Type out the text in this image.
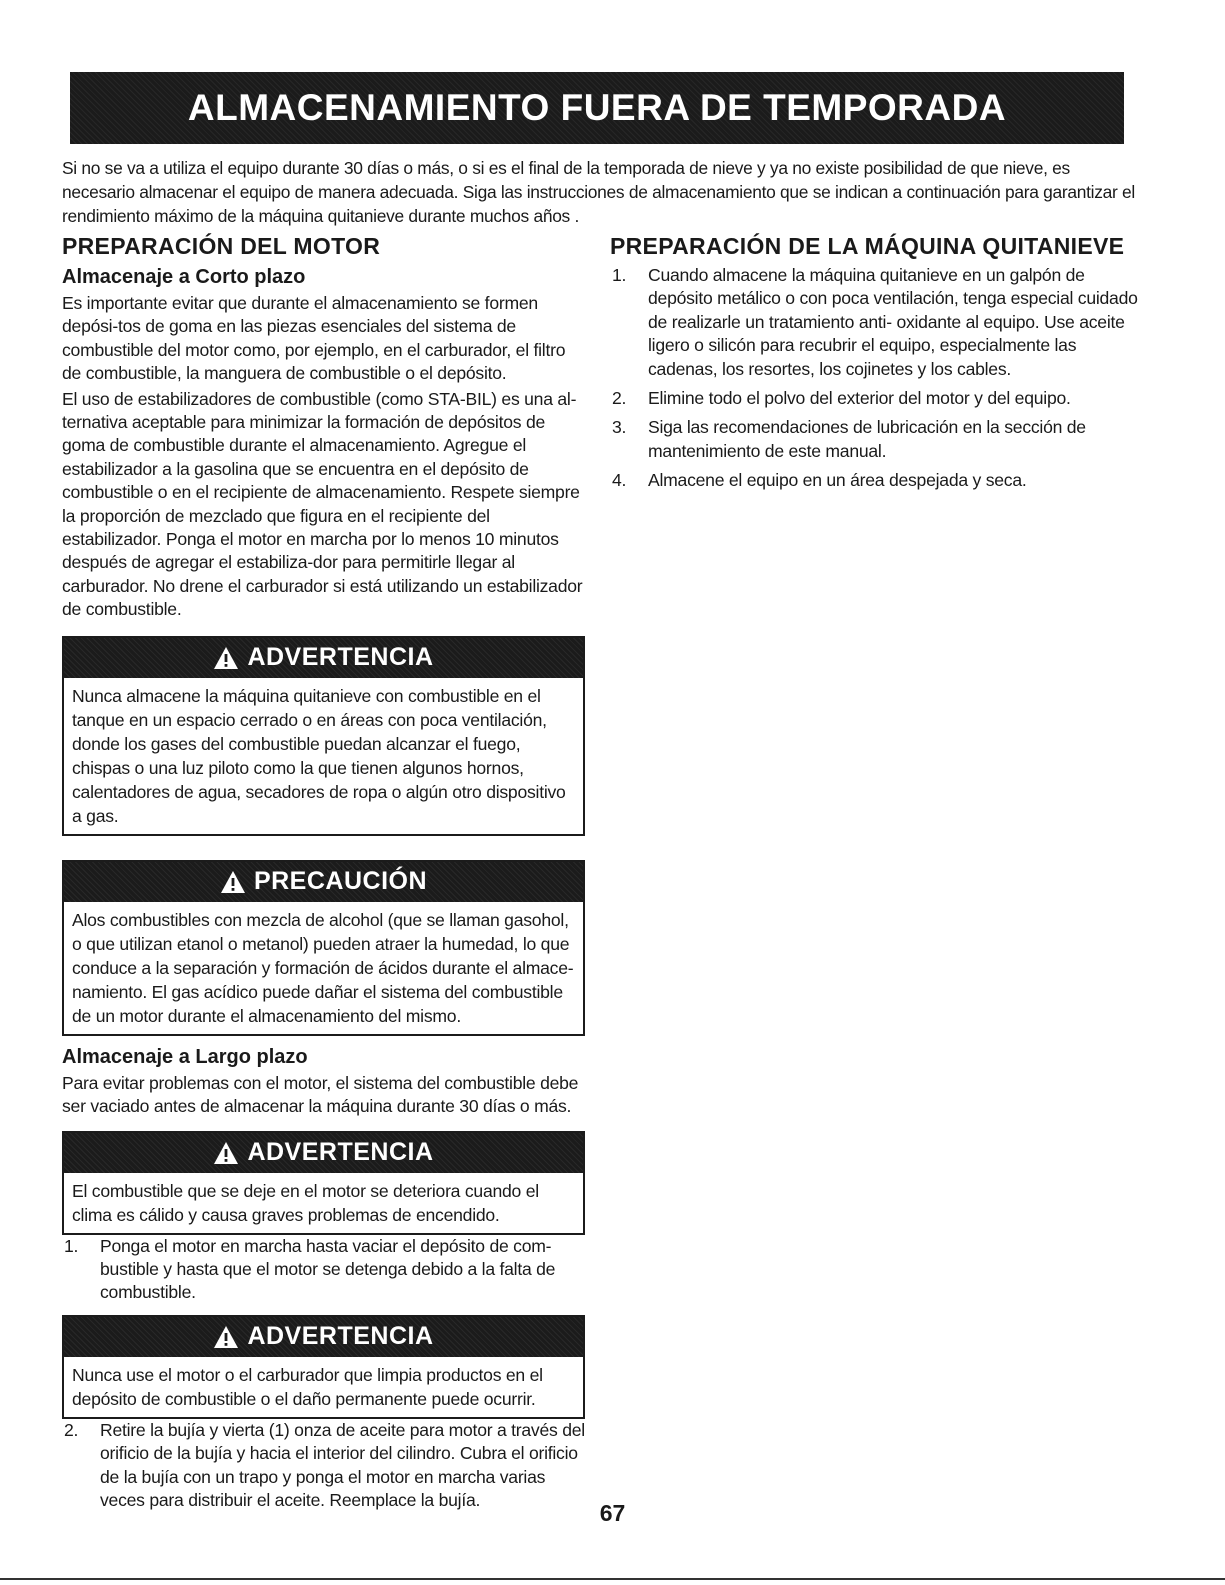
ALMACENAMIENTO FUERA DE TEMPORADA

Si no se va a utiliza el equipo durante 30 días o más, o si es el final de la temporada de nieve y ya no existe posibilidad de que nieve, es necesario almacenar el equipo de manera adecuada. Siga las instrucciones de almacenamiento que se indican a continuación para garantizar el rendimiento máximo de la máquina quitanieve durante muchos años .

PREPARACIÓN DEL MOTOR
Almacenaje a Corto plazo

Es importante evitar que durante el almacenamiento se formen depósi-tos de goma en las piezas esenciales del sistema de combustible del motor como, por ejemplo, en el carburador, el filtro de combustible, la manguera de combustible o el depósito.

El uso de estabilizadores de combustible (como STA-BIL) es una al-ternativa aceptable para minimizar la formación de depósitos de goma de combustible durante el almacenamiento. Agregue el estabilizador a la gasolina que se encuentra en el depósito de combustible o en el recipiente de almacenamiento. Respete siempre la proporción de mezclado que figura en el recipiente del estabilizador. Ponga el motor en marcha por lo menos 10 minutos después de agregar el estabiliza-dor para permitirle llegar al carburador. No drene el carburador si está utilizando un estabilizador de combustible.

ADVERTENCIA
Nunca almacene la máquina quitanieve con combustible en el tanque en un espacio cerrado o en áreas con poca ventilación, donde los gases del combustible puedan alcanzar el fuego, chispas o una luz piloto como la que tienen algunos hornos, calentadores de agua, secadores de ropa o algún otro dispositivo a gas.
PRECAUCIÓN
Alos combustibles con mezcla de alcohol (que se llaman gasohol, o que utilizan etanol o metanol) pueden atraer la humedad, lo que conduce a la separación y formación de ácidos durante el almace-namiento. El gas acídico puede dañar el sistema del combustible de un motor durante el almacenamiento del mismo.
Almacenaje a Largo plazo

Para evitar problemas con el motor, el sistema del combustible debe ser vaciado antes de almacenar la máquina durante 30 días o más.

ADVERTENCIA
El combustible que se deje en el motor se deteriora cuando el clima es cálido y causa graves problemas de encendido.
1. Ponga el motor en marcha hasta vaciar el depósito de com-bustible y hasta que el motor se detenga debido a la falta de combustible.
ADVERTENCIA
Nunca use el motor o el carburador que limpia productos en el depósito de combustible o el daño permanente puede ocurrir.
2. Retire la bujía y vierta (1) onza de aceite para motor a través del orificio de la bujía y hacia el interior del cilindro. Cubra el orificio de la bujía con un trapo y ponga el motor en marcha varias veces para distribuir el aceite. Reemplace la bujía.
PREPARACIÓN DE LA MÁQUINA QUITANIEVE
1. Cuando almacene la máquina quitanieve en un galpón de depósito metálico o con poca ventilación, tenga especial cuidado de realizarle un tratamiento anti- oxidante al equipo. Use aceite ligero o silicón para recubrir el equipo, especialmente las cadenas, los resortes, los cojinetes y los cables.
2. Elimine todo el polvo del exterior del motor y del equipo.
3. Siga las recomendaciones de lubricación en la sección de mantenimiento de este manual.
4. Almacene el equipo en un área despejada y seca.
67
